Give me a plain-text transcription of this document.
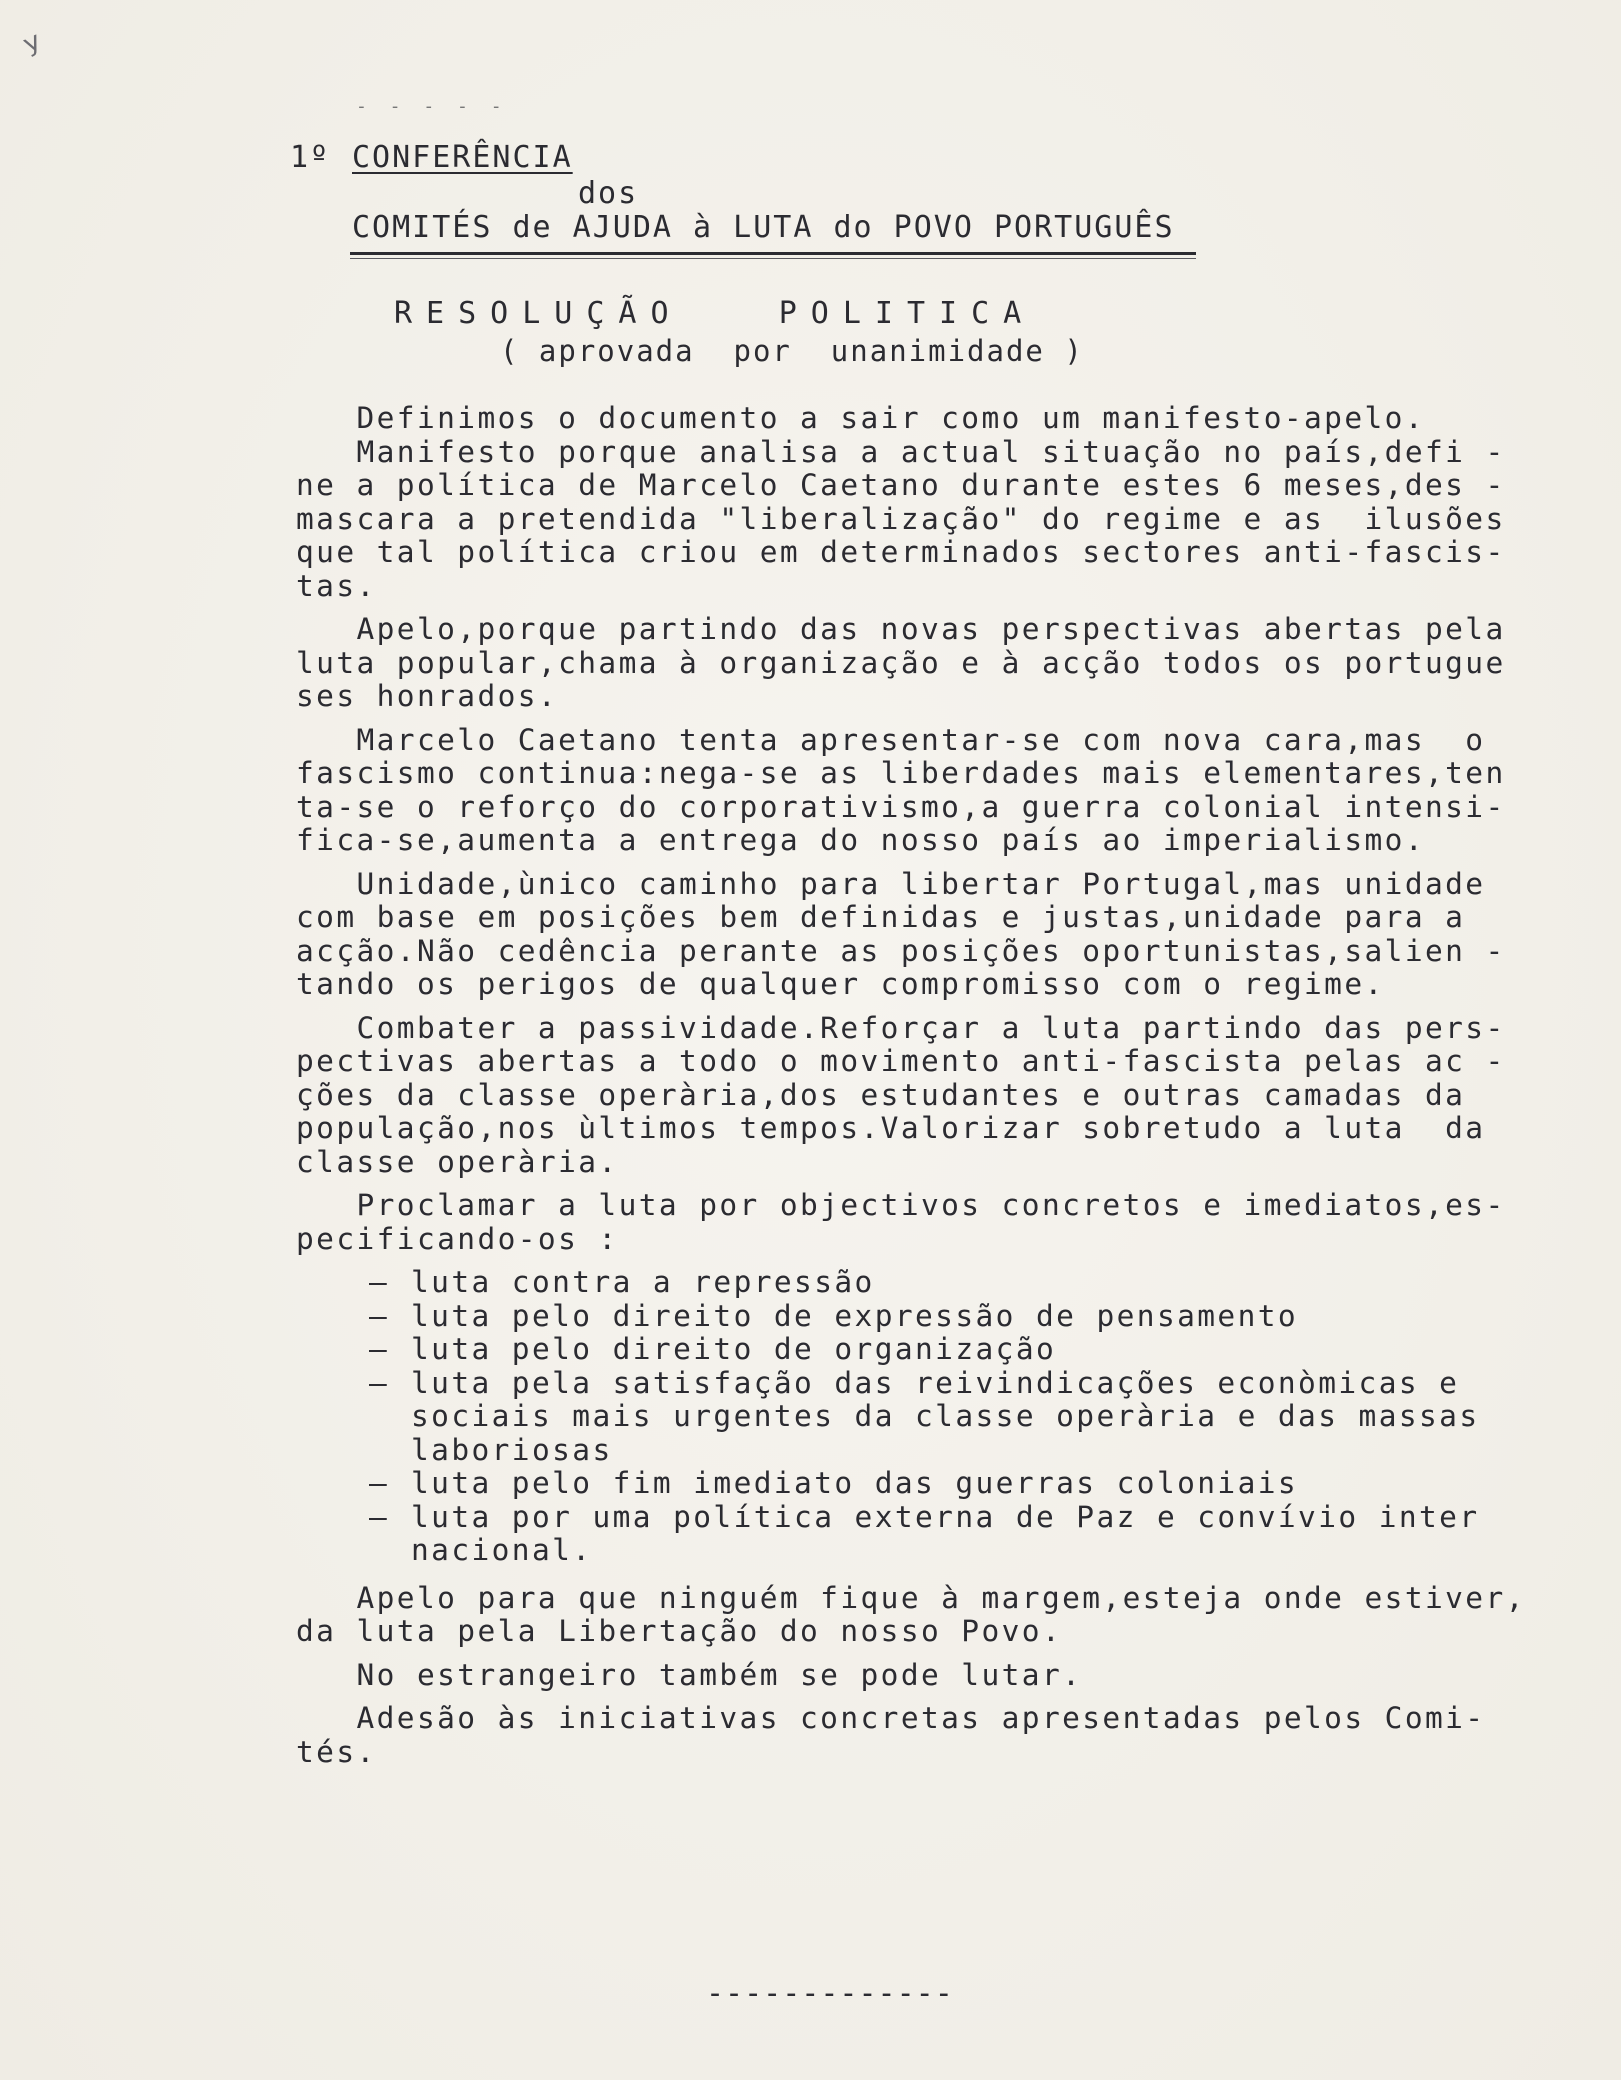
ʸ
- - - - -
1º CONFERÊNCIA
dos
COMITÉS de AJUDA à LUTA do POVO PORTUGUÊS
RESOLUÇÃO   POLITICA
( aprovada  por  unanimidade )

Definimos o documento a sair como um manifesto-apelo.
Manifesto porque analisa a actual situação no país,defi -
ne a política de Marcelo Caetano durante estes 6 meses,des -
mascara a pretendida "liberalização" do regime e as  ilusões
que tal política criou em determinados sectores anti-fascis-
tas.

Apelo,porque partindo das novas perspectivas abertas pela
luta popular,chama à organização e à acção todos os portugue
ses honrados.

Marcelo Caetano tenta apresentar-se com nova cara,mas  o
fascismo continua:nega-se as liberdades mais elementares,ten
ta-se o reforço do corporativismo,a guerra colonial intensi-
fica-se,aumenta a entrega do nosso país ao imperialismo.

Unidade,ùnico caminho para libertar Portugal,mas unidade
com base em posições bem definidas e justas,unidade para a
acção.Não cedência perante as posições oportunistas,salien -
tando os perigos de qualquer compromisso com o regime.

Combater a passividade.Reforçar a luta partindo das pers-
pectivas abertas a todo o movimento anti-fascista pelas ac -
ções da classe operària,dos estudantes e outras camadas da
população,nos ùltimos tempos.Valorizar sobretudo a luta  da
classe operària.

Proclamar a luta por objectivos concretos e imediatos,es-
pecificando-os :

– luta contra a repressão
– luta pelo direito de expressão de pensamento
– luta pelo direito de organização
– luta pela satisfação das reivindicações econòmicas e
sociais mais urgentes da classe operària e das massas
laboriosas
– luta pelo fim imediato das guerras coloniais
– luta por uma política externa de Paz e convívio inter
nacional.

Apelo para que ninguém fique à margem,esteja onde estiver,
da luta pela Libertação do nosso Povo.

No estrangeiro também se pode lutar.

Adesão às iniciativas concretas apresentadas pelos Comi-
tés.

-------------
